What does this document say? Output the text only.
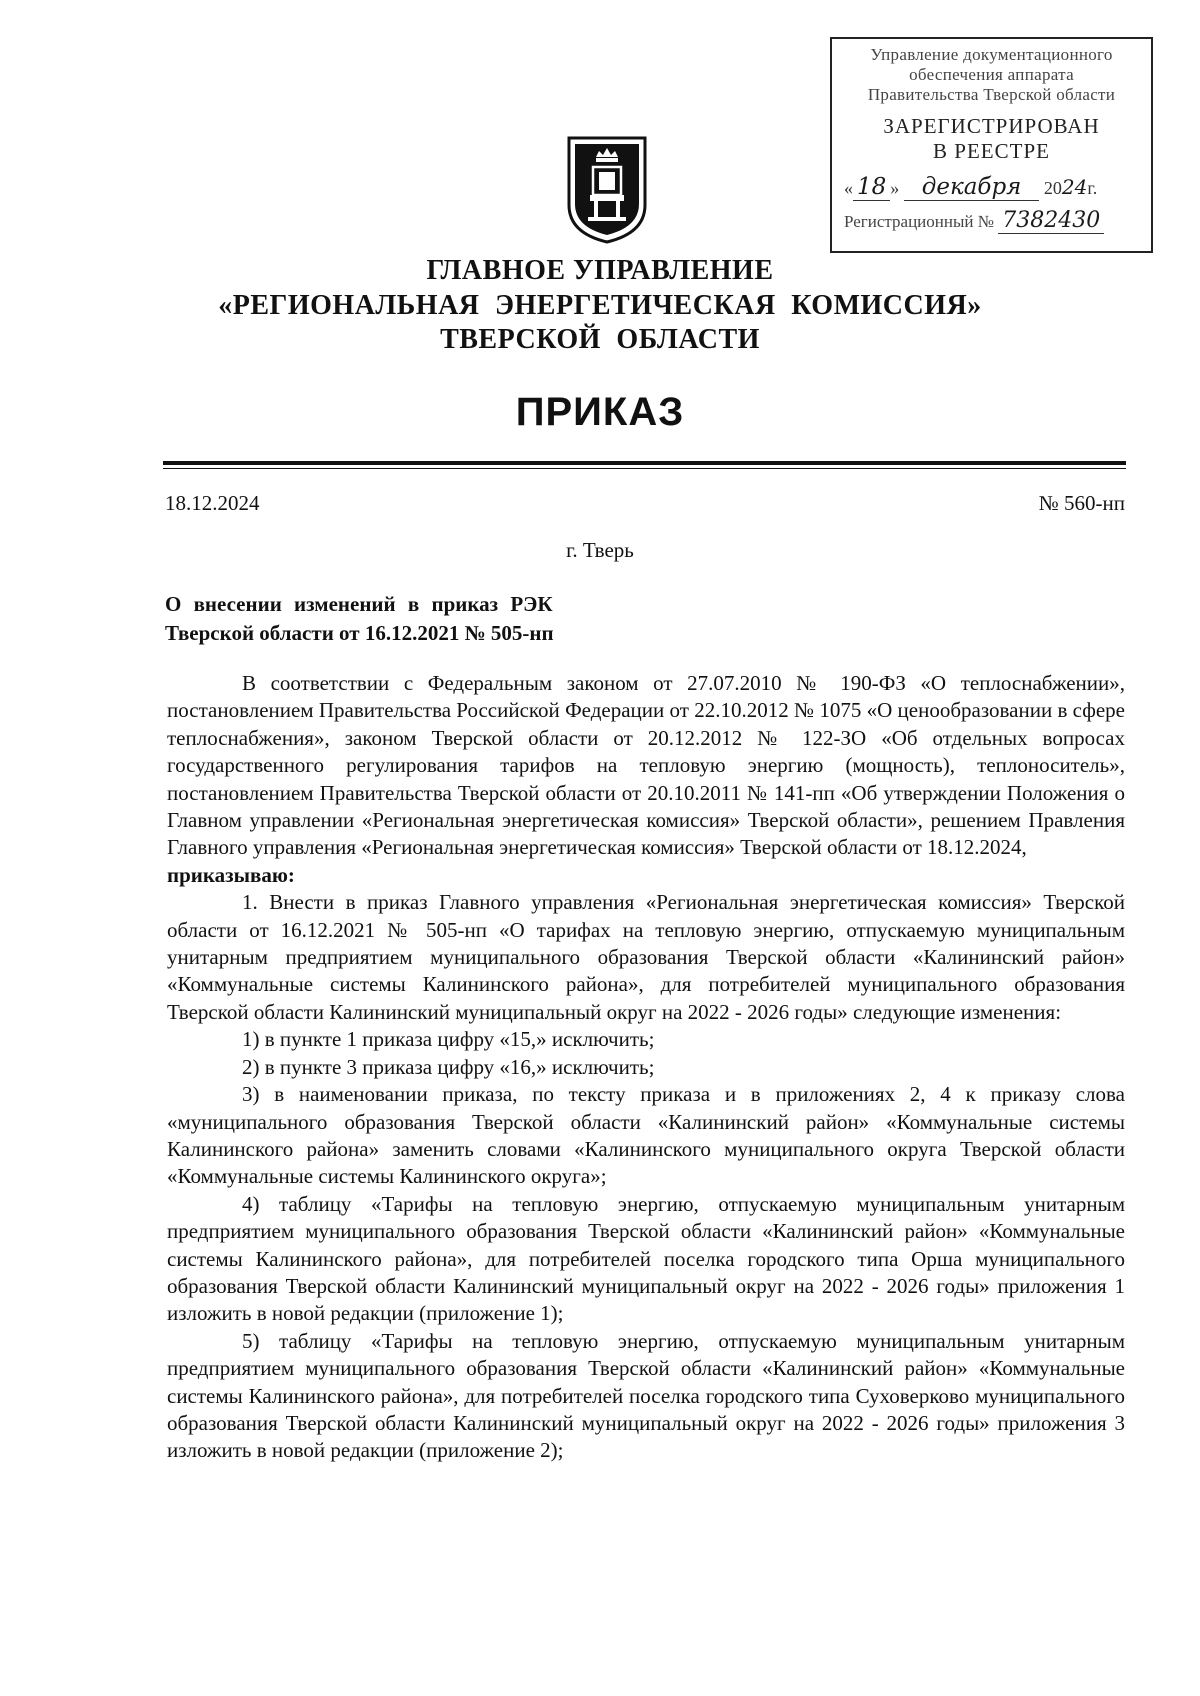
Управление документационного
обеспечения аппарата
Правительства Тверской области
ЗАРЕГИСТРИРОВАН
В РЕЕСТРЕ
« 18 » декабря 2024г.
Регистрационный № 7382430
ГЛАВНОЕ УПРАВЛЕНИЕ
«РЕГИОНАЛЬНАЯ ЭНЕРГЕТИЧЕСКАЯ КОМИССИЯ»
ТВЕРСКОЙ ОБЛАСТИ
ПРИКАЗ
18.12.2024	№ 560-нп
г. Тверь
О внесении изменений в приказ РЭК
Тверской области от 16.12.2021 № 505-нп

В соответствии с Федеральным законом от 27.07.2010 № 190-ФЗ «О теплоснабжении», постановлением Правительства Российской Федерации от 22.10.2012 № 1075 «О ценообразовании в сфере теплоснабжения», законом Тверской области от 20.12.2012 № 122-ЗО «Об отдельных вопросах государственного регулирования тарифов на тепловую энергию (мощность), теплоноситель», постановлением Правительства Тверской области от 20.10.2011 № 141-пп «Об утверждении Положения о Главном управлении «Региональная энергетическая комиссия» Тверской области», решением Правления Главного управления «Региональная энергетическая комиссия» Тверской области от 18.12.2024,

приказываю:

1. Внести в приказ Главного управления «Региональная энергетическая комиссия» Тверской области от 16.12.2021 № 505-нп «О тарифах на тепловую энергию, отпускаемую муниципальным унитарным предприятием муниципального образования Тверской области «Калининский район» «Коммунальные системы Калининского района», для потребителей муниципального образования Тверской области Калининский муниципальный округ на 2022 - 2026 годы» следующие изменения:

1) в пункте 1 приказа цифру «15,» исключить;

2) в пункте 3 приказа цифру «16,» исключить;

3) в наименовании приказа, по тексту приказа и в приложениях 2, 4 к приказу слова «муниципального образования Тверской области «Калининский район» «Коммунальные системы Калининского района» заменить словами «Калининского муниципального округа Тверской области «Коммунальные системы Калининского округа»;

4) таблицу «Тарифы на тепловую энергию, отпускаемую муниципальным унитарным предприятием муниципального образования Тверской области «Калининский район» «Коммунальные системы Калининского района», для потребителей поселка городского типа Орша муниципального образования Тверской области Калининский муниципальный округ на 2022 - 2026 годы» приложения 1 изложить в новой редакции (приложение 1);

5) таблицу «Тарифы на тепловую энергию, отпускаемую муниципальным унитарным предприятием муниципального образования Тверской области «Калининский район» «Коммунальные системы Калининского района», для потребителей поселка городского типа Суховерково муниципального образования Тверской области Калининский муниципальный округ на 2022 - 2026 годы» приложения 3 изложить в новой редакции (приложение 2);
